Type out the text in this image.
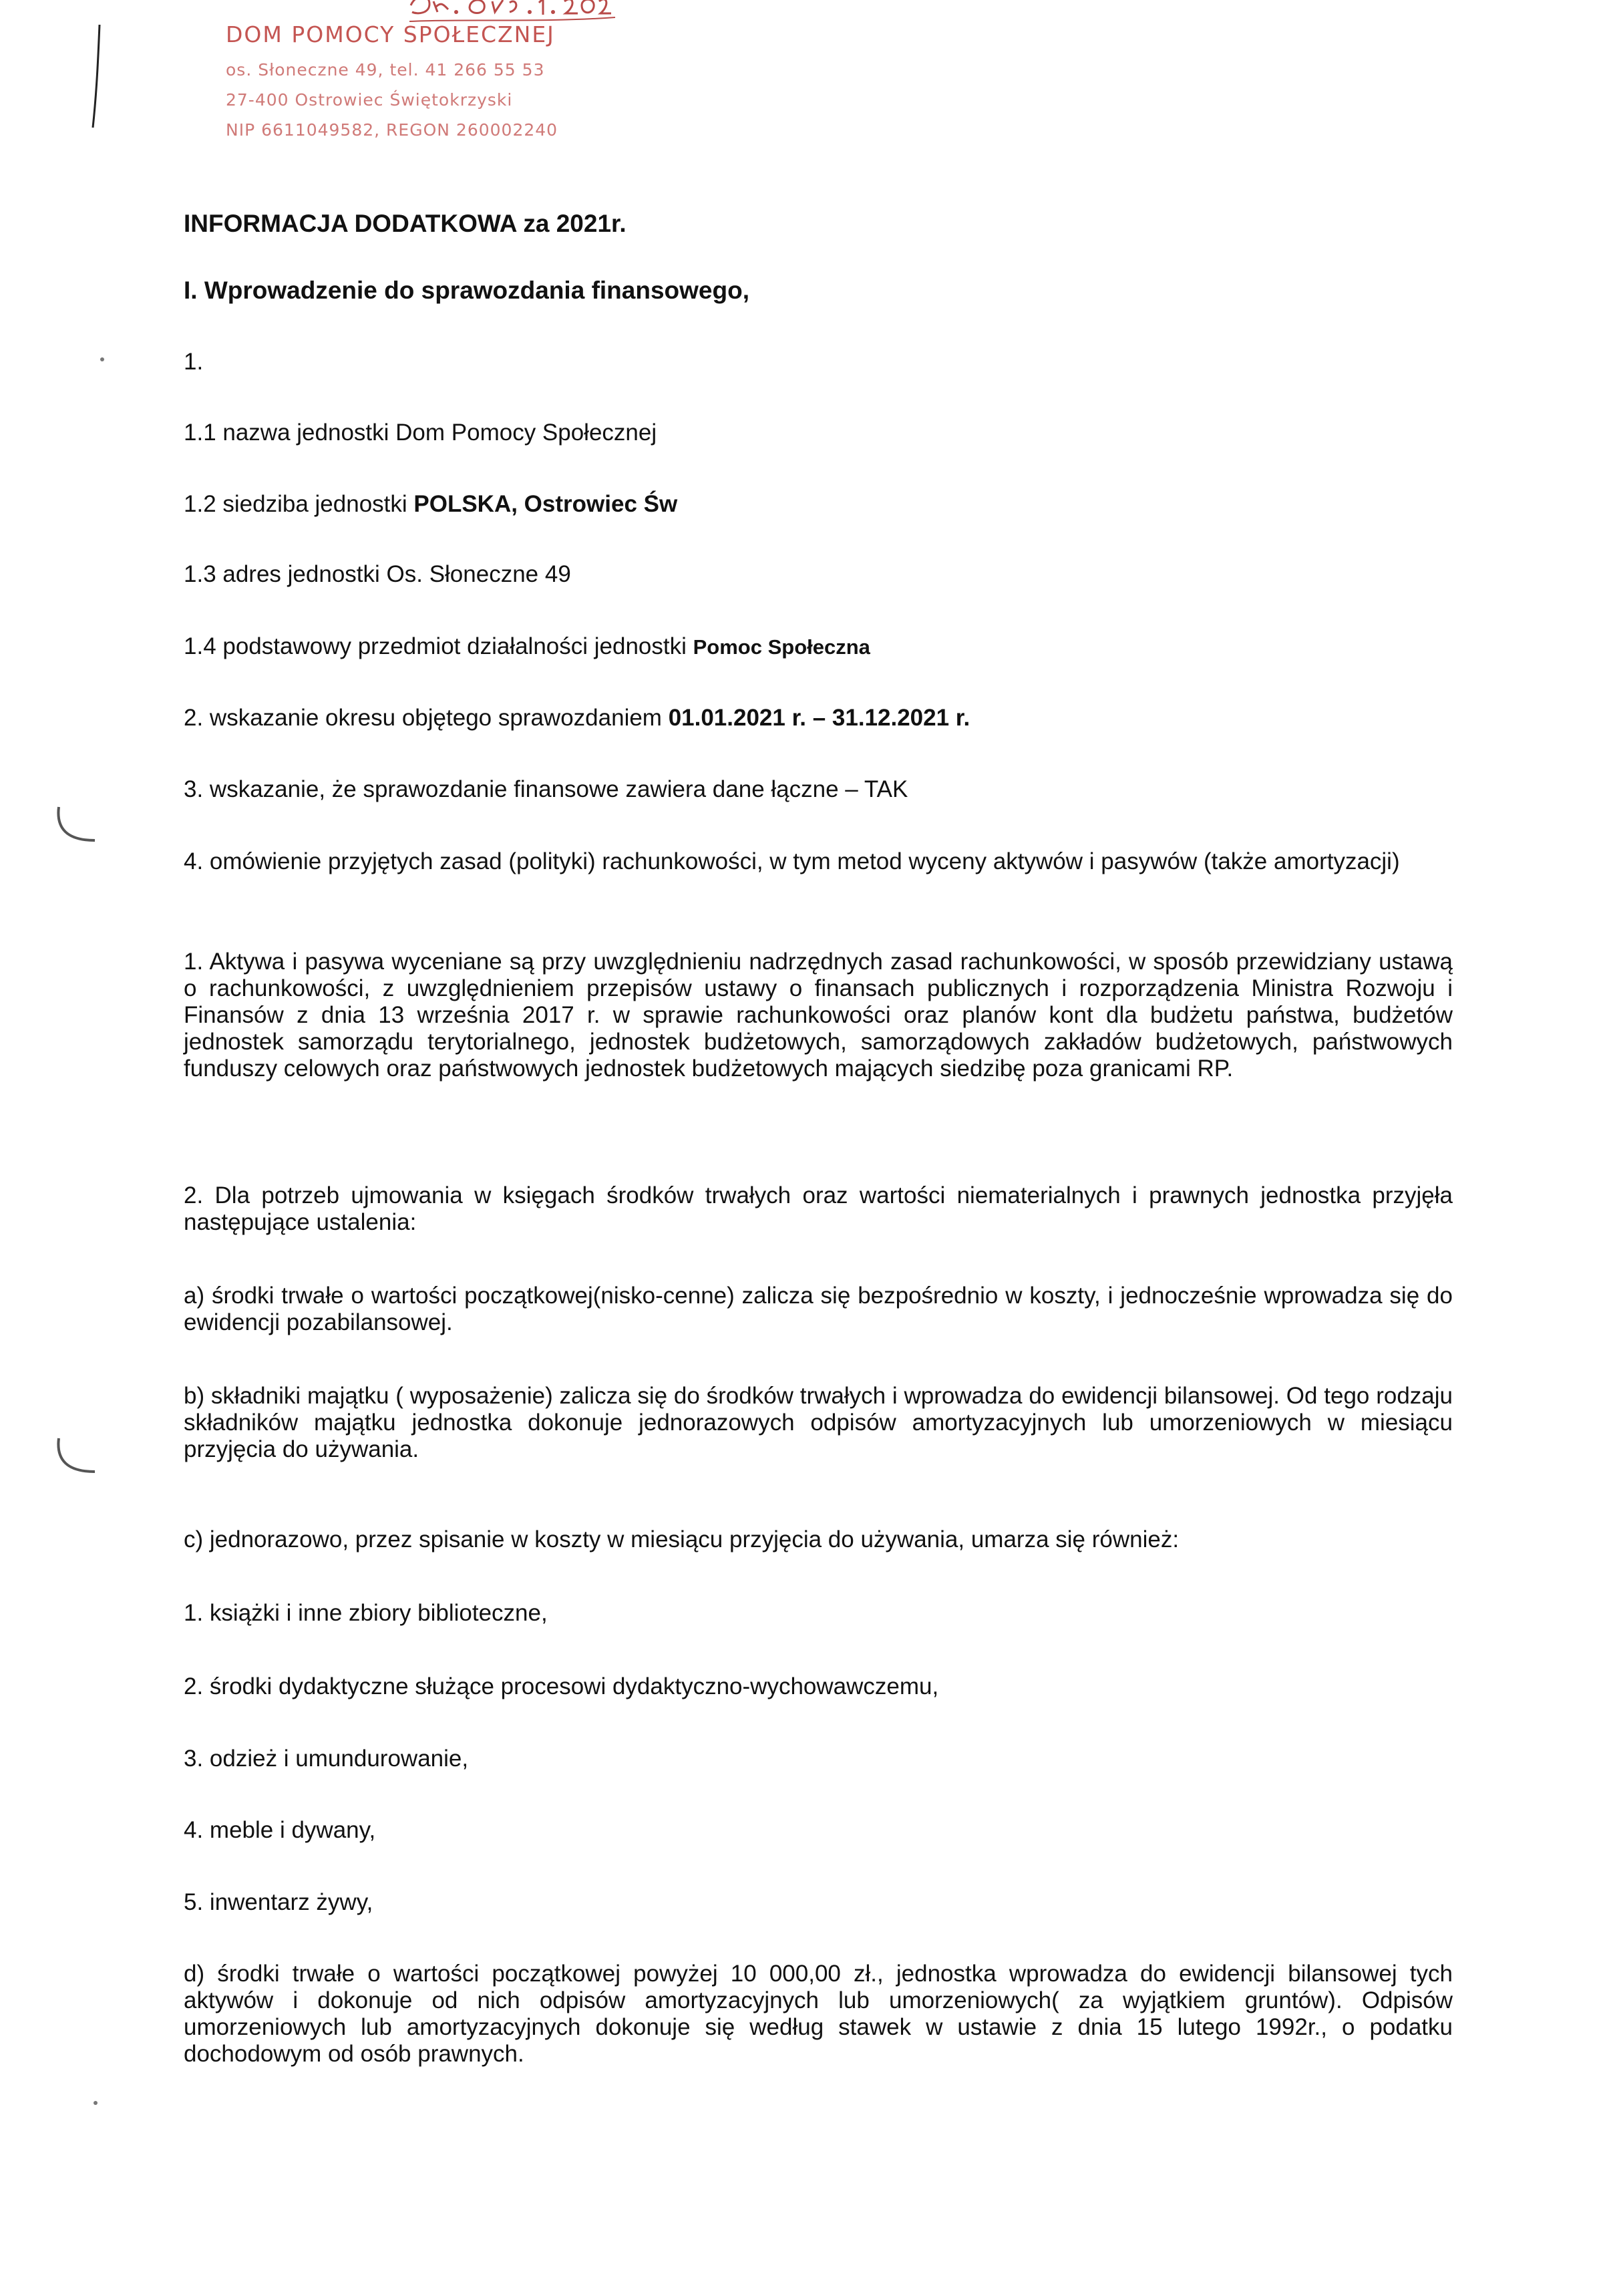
DOM POMOCY SPOŁECZNEJ
os. Słoneczne 49, tel. 41 266 55 53
27-400 Ostrowiec Świętokrzyski
NIP 6611049582, REGON 260002240
INFORMACJA DODATKOWA za 2021r.
I. Wprowadzenie do sprawozdania finansowego,
1.
1.1 nazwa jednostki Dom Pomocy Społecznej
1.2 siedziba jednostki POLSKA, Ostrowiec Św
1.3 adres jednostki Os. Słoneczne 49
1.4 podstawowy przedmiot działalności jednostki Pomoc Społeczna
2. wskazanie okresu objętego sprawozdaniem 01.01.2021 r. – 31.12.2021 r.
3. wskazanie, że sprawozdanie finansowe zawiera dane łączne – TAK
4. omówienie przyjętych zasad (polityki) rachunkowości, w tym metod wyceny aktywów i pasywów (także amortyzacji)
1. Aktywa i pasywa wyceniane są przy uwzględnieniu nadrzędnych zasad rachunkowości, w sposób przewidziany ustawą o rachunkowości, z uwzględnieniem przepisów ustawy o finansach publicznych i rozporządzenia Ministra Rozwoju i Finansów z dnia 13 września 2017 r. w sprawie rachunkowości oraz planów kont dla budżetu państwa, budżetów jednostek samorządu terytorialnego, jednostek budżetowych, samorządowych zakładów budżetowych, państwowych funduszy celowych oraz państwowych jednostek budżetowych mających siedzibę poza granicami RP.
2. Dla potrzeb ujmowania w księgach środków trwałych oraz wartości niematerialnych i prawnych jednostka przyjęła następujące ustalenia:
a) środki trwałe o wartości początkowej(nisko-cenne) zalicza się bezpośrednio w koszty, i jednocześnie wprowadza się do ewidencji pozabilansowej.
b) składniki majątku ( wyposażenie) zalicza się do środków trwałych i wprowadza do ewidencji bilansowej. Od tego rodzaju składników majątku jednostka dokonuje jednorazowych odpisów amortyzacyjnych lub umorzeniowych w miesiącu przyjęcia do używania.
c) jednorazowo, przez spisanie w koszty w miesiącu przyjęcia do używania, umarza się również:
1. książki i inne zbiory biblioteczne,
2. środki dydaktyczne służące procesowi dydaktyczno-wychowawczemu,
3. odzież i umundurowanie,
4. meble i dywany,
5. inwentarz żywy,
d) środki trwałe o wartości początkowej powyżej 10 000,00 zł., jednostka wprowadza do ewidencji bilansowej tych aktywów i dokonuje od nich odpisów amortyzacyjnych lub umorzeniowych( za wyjątkiem gruntów). Odpisów umorzeniowych lub amortyzacyjnych dokonuje się według stawek w ustawie z dnia 15 lutego 1992r., o podatku dochodowym od osób prawnych.
